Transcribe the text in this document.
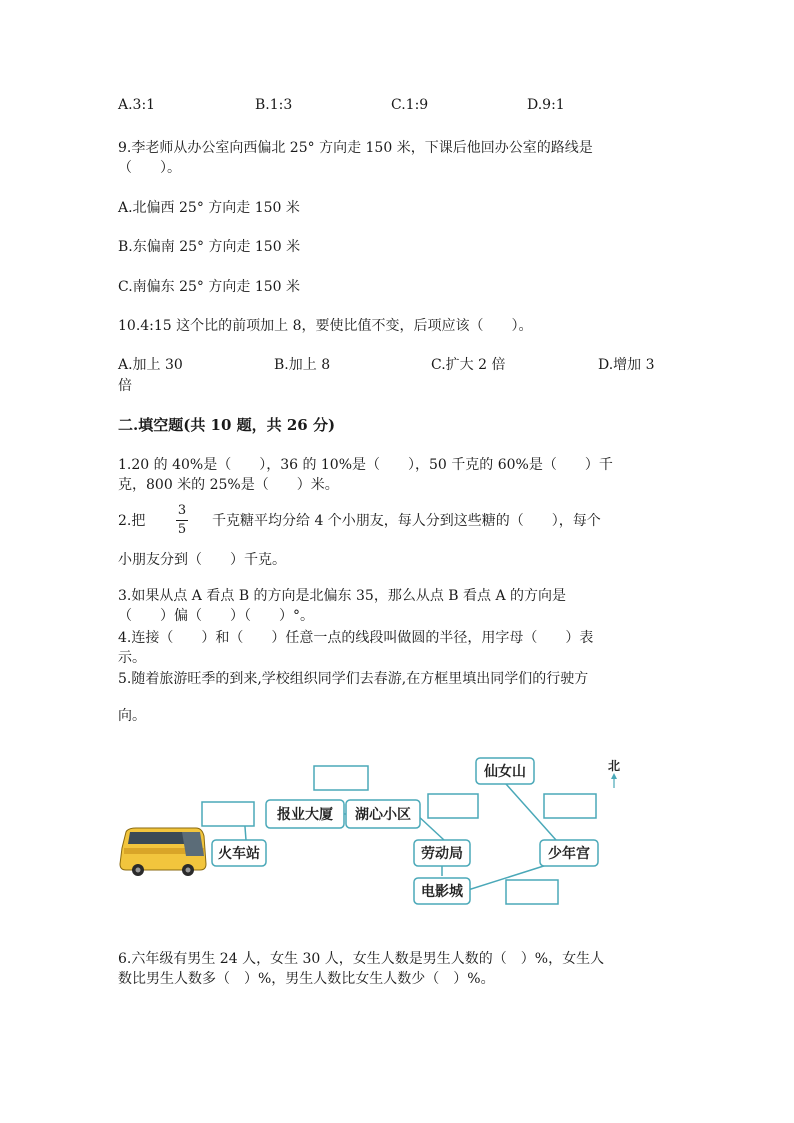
A.3:1	B.1:3	C.1:9	D.9:1
9.李老师从办公室向西偏北 25° 方向走 150 米，下课后他回办公室的路线是
（　　）。
A.北偏西 25° 方向走 150 米
B.东偏南 25° 方向走 150 米
C.南偏东 25° 方向走 150 米
10.4:15 这个比的前项加上 8，要使比值不变，后项应该（　　）。
A.加上 30	B.加上 8	C.扩大 2 倍	D.增加 3
倍
二.填空题(共 10 题，共 26 分)
1.20 的 40%是（　　），36 的 10%是（　　），50 千克的 60%是（　　）千
克，800 米的 25%是（　　）米。
2.把
3
5
千克糖平均分给 4 个小朋友，每人分到这些糖的（　　），每个
小朋友分到（　　）千克。
3.如果从点 A 看点 B 的方向是北偏东 35，那么从点 B 看点 A 的方向是
（　　）偏（　　）（　　）°。
4.连接（　　）和（　　）任意一点的线段叫做圆的半径，用字母（　　）表
示。
5.随着旅游旺季的到来,学校组织同学们去春游,在方框里填出同学们的行驶方
向。
报业大厦 湖心小区
火车站	劳动局
仙女山
少年宫
电影城
北
6.六年级有男生 24 人，女生 30 人，女生人数是男生人数的（　）%，女生人
数比男生人数多（　）%，男生人数比女生人数少（　）%。
